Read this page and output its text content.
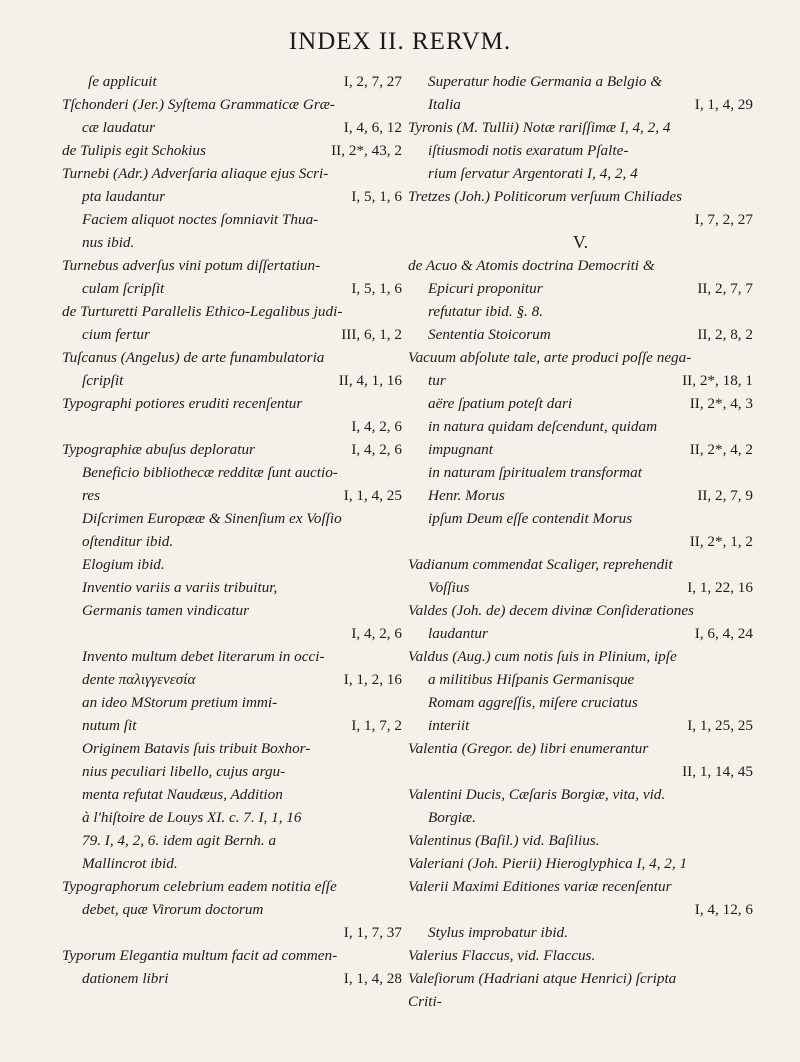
INDEX II. RERVM.
ſe applicuit	I, 2, 7, 27
Tſchonderi (Jer.) Syſtema Grammaticæ Græ-
cæ laudatur	I, 4, 6, 12
de Tulipis egit Schokius	II, 2*, 43, 2
Turnebi (Adr.) Adverſaria aliaque ejus Scri-
pta laudantur	I, 5, 1, 6
Faciem aliquot noctes ſomniavit Thua-
nus ibid.
Turnebus adverſus vini potum diſſertatiun-
culam ſcripſit	I, 5, 1, 6
de Turturetti Parallelis Ethico-Legalibus judi-
cium fertur	III, 6, 1, 2
Tuſcanus (Angelus) de arte funambulatoria
ſcripſit	II, 4, 1, 16
Typographi potiores eruditi recenſentur
I, 4, 2, 6
Typographiæ abuſus deploratur	I, 4, 2, 6
Beneficio bibliothecæ redditæ ſunt auctio-
res	I, 1, 4, 25
Diſcrimen Europææ & Sinenſium ex Voſſio
oſtenditur ibid.
Elogium ibid.
Inventio variis a variis tribuitur,
Germanis tamen vindicatur
I, 4, 2, 6
Invento multum debet literarum in occi-
dente παλιγγενεσία	I, 1, 2, 16
an ideo MStorum pretium immi-
nutum ſit	I, 1, 7, 2
Originem Batavis ſuis tribuit Boxhor-
nius peculiari libello, cujus argu-
menta refutat Naudæus, Addition
à l'hiſtoire de Louys XI. c. 7. I, 1, 16
79. I, 4, 2, 6. idem agit Bernh. a
Mallincrot ibid.
Typographorum celebrium eadem notitia eſſe
debet, quæ Virorum doctorum
I, 1, 7, 37
Typorum Elegantia multum facit ad commen-
dationem libri	I, 1, 4, 28
Superatur hodie Germania a Belgio &
Italia	I, 1, 4, 29
Tyronis (M. Tullii) Notæ rariſſimæ I, 4, 2, 4
iſtiusmodi notis exaratum Pſalte-
rium ſervatur Argentorati I, 4, 2, 4
Tretzes (Joh.) Politicorum verſuum Chiliades
I, 7, 2, 27
V.
de Acuo & Atomis doctrina Democriti &
Epicuri proponitur	II, 2, 7, 7
refutatur ibid. §. 8.
Sententia Stoicorum	II, 2, 8, 2
Vacuum abſolute tale, arte produci poſſe nega-
tur	II, 2*, 18, 1
aëre ſpatium poteſt dari	II, 2*, 4, 3
in natura quidam deſcendunt, quidam
impugnant	II, 2*, 4, 2
in naturam ſpiritualem transformat
Henr. Morus	II, 2, 7, 9
ipſum Deum eſſe contendit Morus
II, 2*, 1, 2
Vadianum commendat Scaliger, reprehendit
Voſſius	I, 1, 22, 16
Valdes (Joh. de) decem divinæ Conſiderationes
laudantur	I, 6, 4, 24
Valdus (Aug.) cum notis ſuis in Plinium, ipſe
a militibus Hiſpanis Germanisque
Romam aggreſſis, miſere cruciatus
interiit	I, 1, 25, 25
Valentia (Gregor. de) libri enumerantur
II, 1, 14, 45
Valentini Ducis, Cæſaris Borgiæ, vita, vid.
Borgiæ.
Valentinus (Baſil.) vid. Baſilius.
Valeriani (Joh. Pierii) Hieroglyphica I, 4, 2, 1
Valerii Maximi Editiones variæ recenſentur
I, 4, 12, 6
Stylus improbatur ibid.
Valerius Flaccus, vid. Flaccus.
Valeſiorum (Hadriani atque Henrici) ſcripta
Criti-
